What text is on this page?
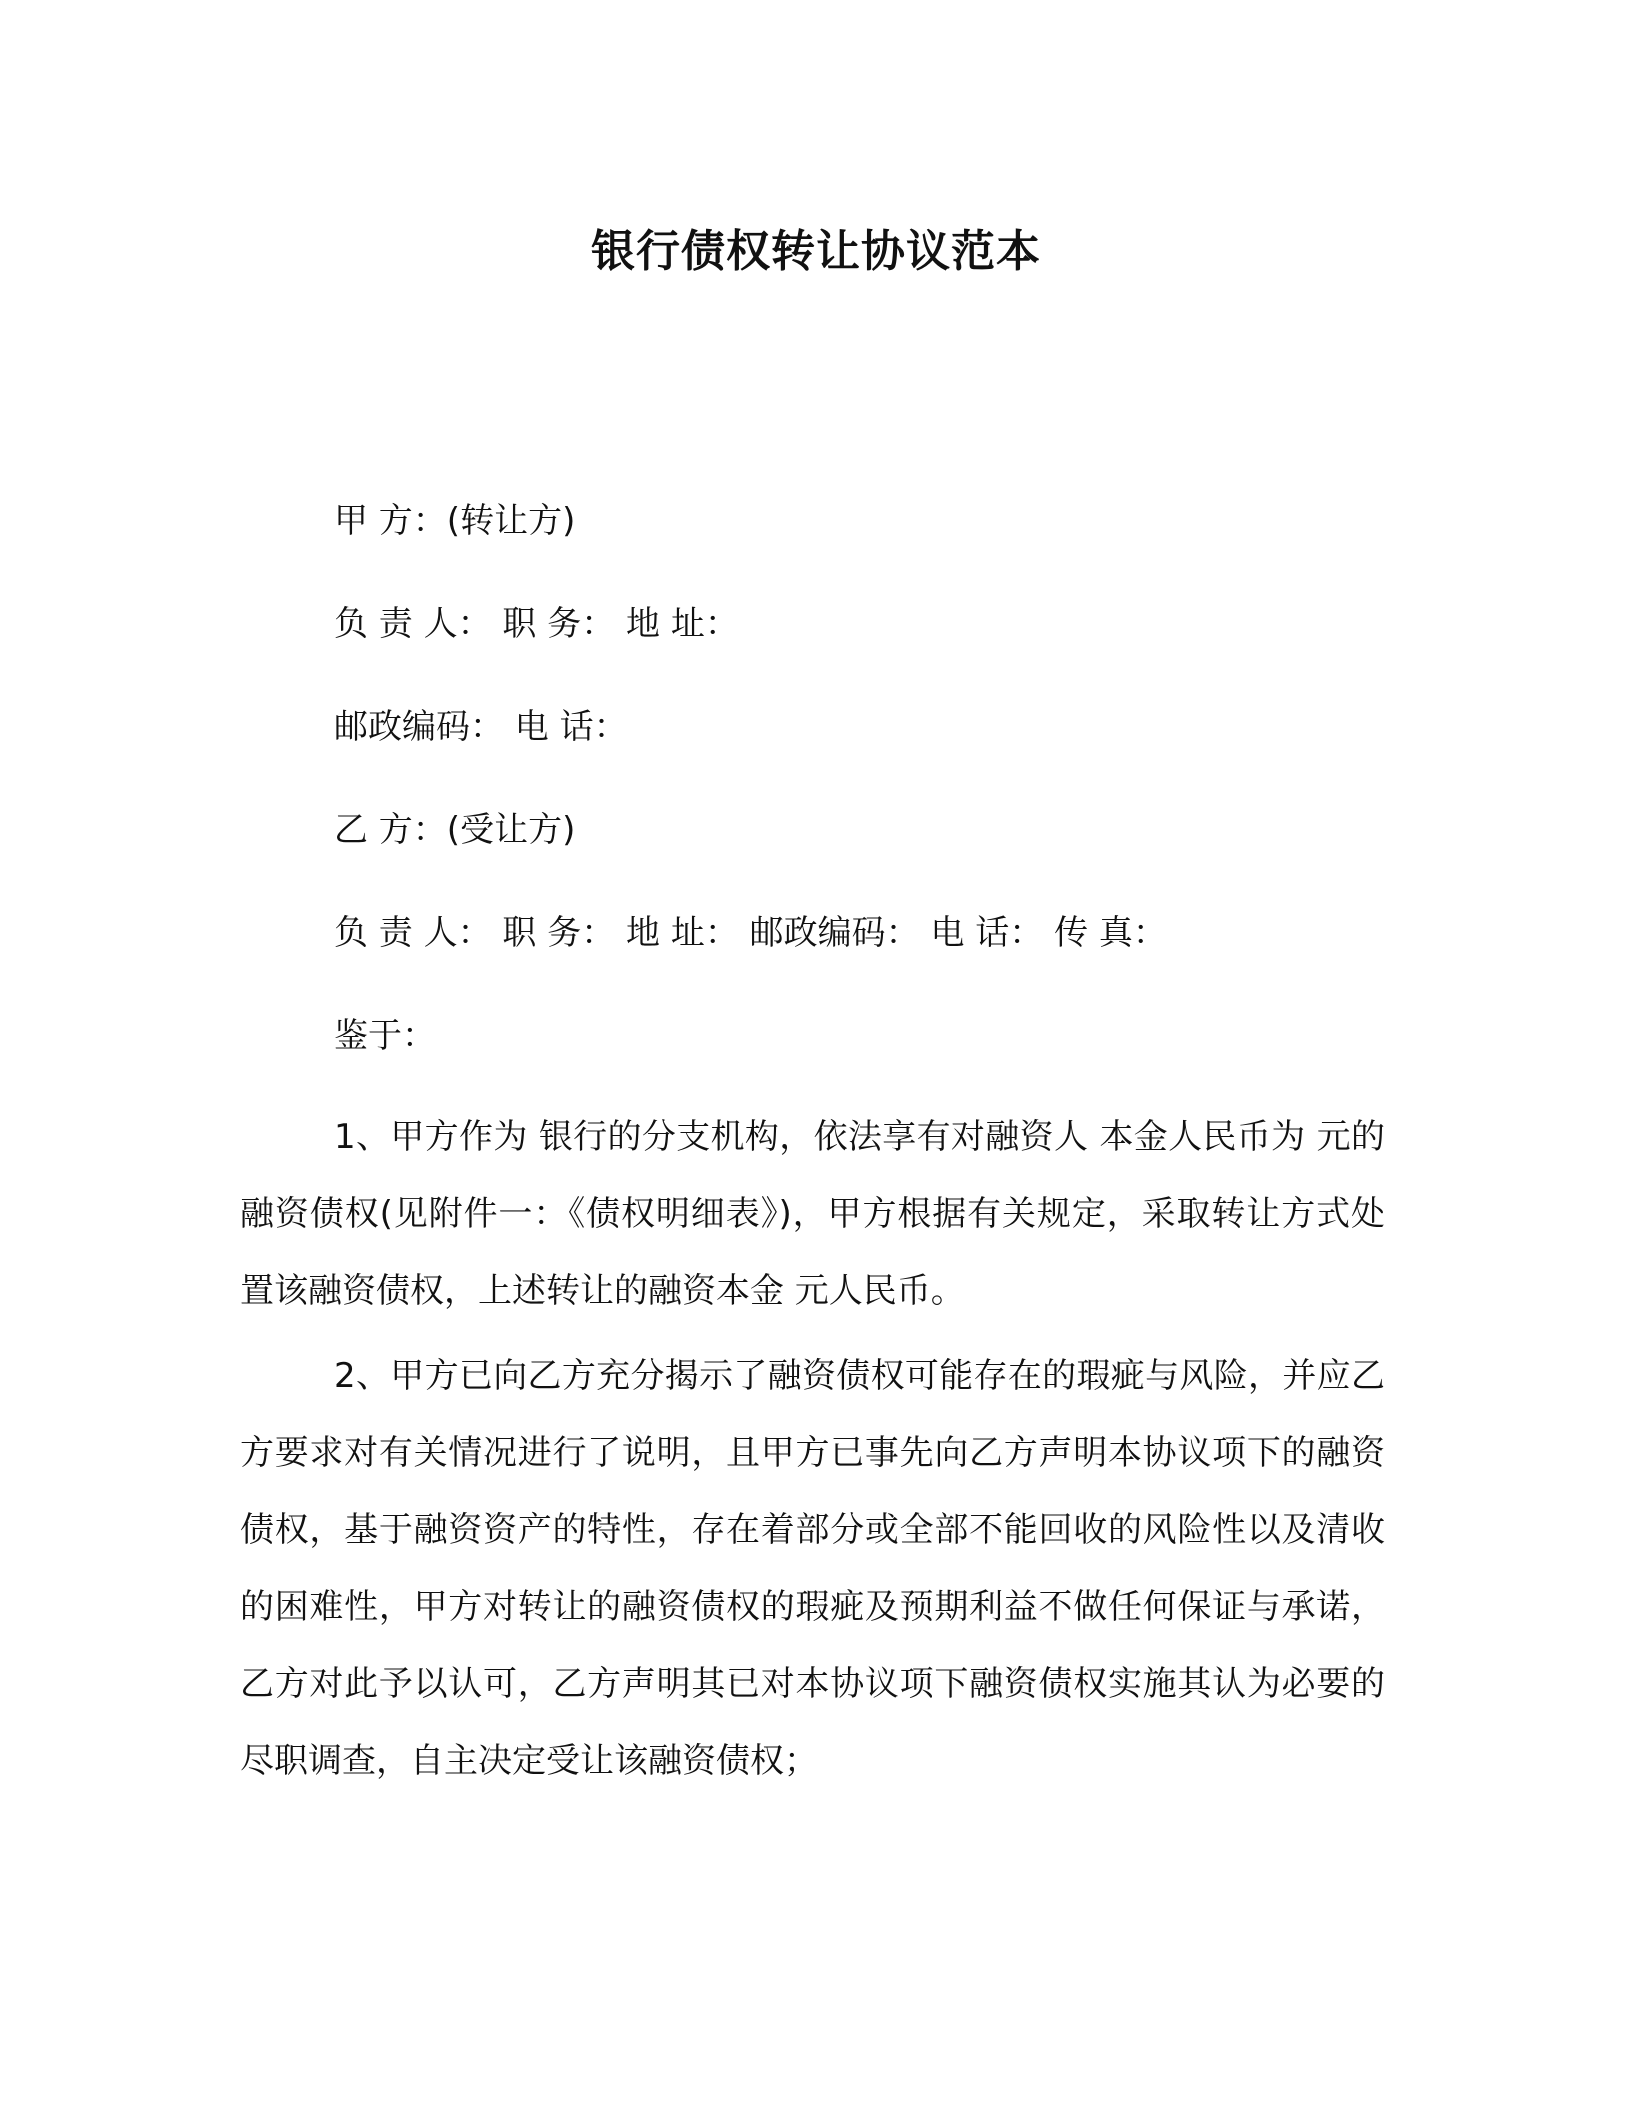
银行债权转让协议范本

甲 方：(转让方)

负 责 人： 职 务： 地 址：

邮政编码： 电 话：

乙 方：(受让方)

负 责 人： 职 务： 地 址： 邮政编码： 电 话： 传 真：

鉴于：

1、甲方作为 银行的分支机构，依法享有对融资人 本金人民币为 元的融资债权(见附件一：《债权明细表》)，甲方根据有关规定，采取转让方式处置该融资债权，上述转让的融资本金 元人民币。

2、甲方已向乙方充分揭示了融资债权可能存在的瑕疵与风险，并应乙方要求对有关情况进行了说明，且甲方已事先向乙方声明本协议项下的融资债权，基于融资资产的特性，存在着部分或全部不能回收的风险性以及清收的困难性，甲方对转让的融资债权的瑕疵及预期利益不做任何保证与承诺，乙方对此予以认可，乙方声明其已对本协议项下融资债权实施其认为必要的尽职调查，自主决定受让该融资债权；
